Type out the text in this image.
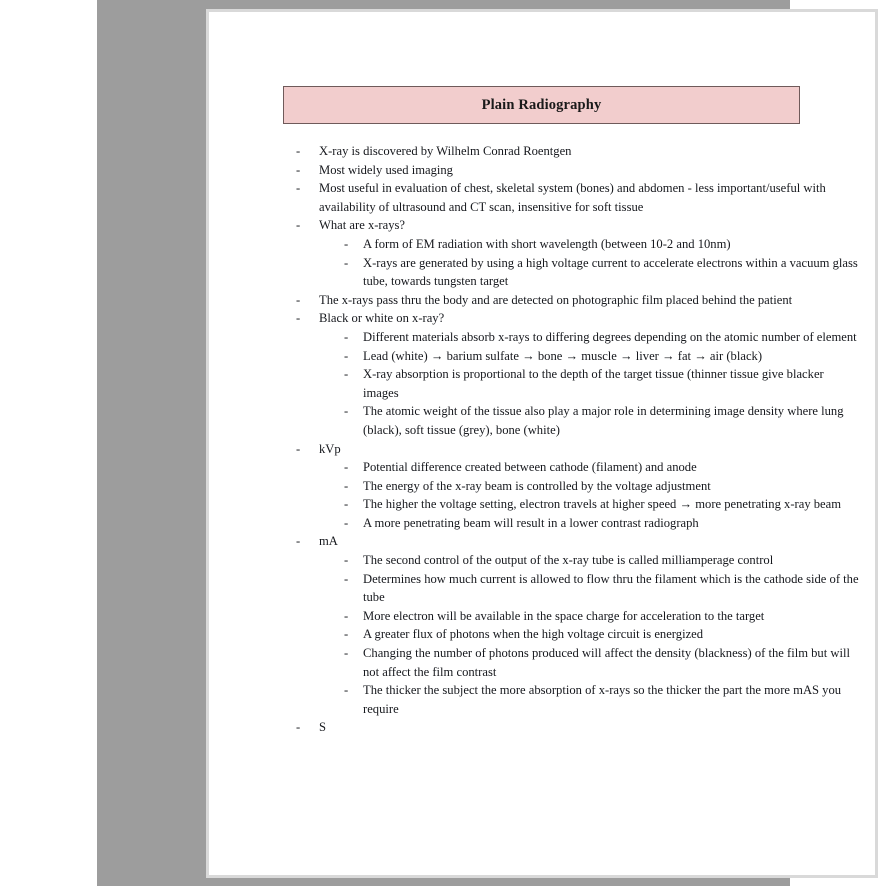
Plain Radiography
- X-ray is discovered by Wilhelm Conrad Roentgen
- Most widely used imaging
- Most useful in evaluation of chest, skeletal system (bones) and abdomen - less important/useful with availability of ultrasound and CT scan, insensitive for soft tissue
- What are x-rays?
- A form of EM radiation with short wavelength (between 10-2 and 10nm)
- X-rays are generated by using a high voltage current to accelerate electrons within a vacuum glass tube, towards tungsten target
- The x-rays pass thru the body and are detected on photographic film placed behind the patient
- Black or white on x-ray?
- Different materials absorb x-rays to differing degrees depending on the atomic number of element
- Lead (white) → barium sulfate → bone → muscle → liver → fat → air (black)
- X-ray absorption is proportional to the depth of the target tissue (thinner tissue give blacker images
- The atomic weight of the tissue also play a major role in determining image density where lung (black), soft tissue (grey), bone (white)
- kVp
- Potential difference created between cathode (filament) and anode
- The energy of the x-ray beam is controlled by the voltage adjustment
- The higher the voltage setting, electron travels at higher speed → more penetrating x-ray beam
- A more penetrating beam will result in a lower contrast radiograph
- mA
- The second control of the output of the x-ray tube is called milliamperage control
- Determines how much current is allowed to flow thru the filament which is the cathode side of the tube
- More electron will be available in the space charge for acceleration to the target
- A greater flux of photons when the high voltage circuit is energized
- Changing the number of photons produced will affect the density (blackness) of the film but will not affect the film contrast
- The thicker the subject the more absorption of x-rays so the thicker the part the more mAS you require
- S
